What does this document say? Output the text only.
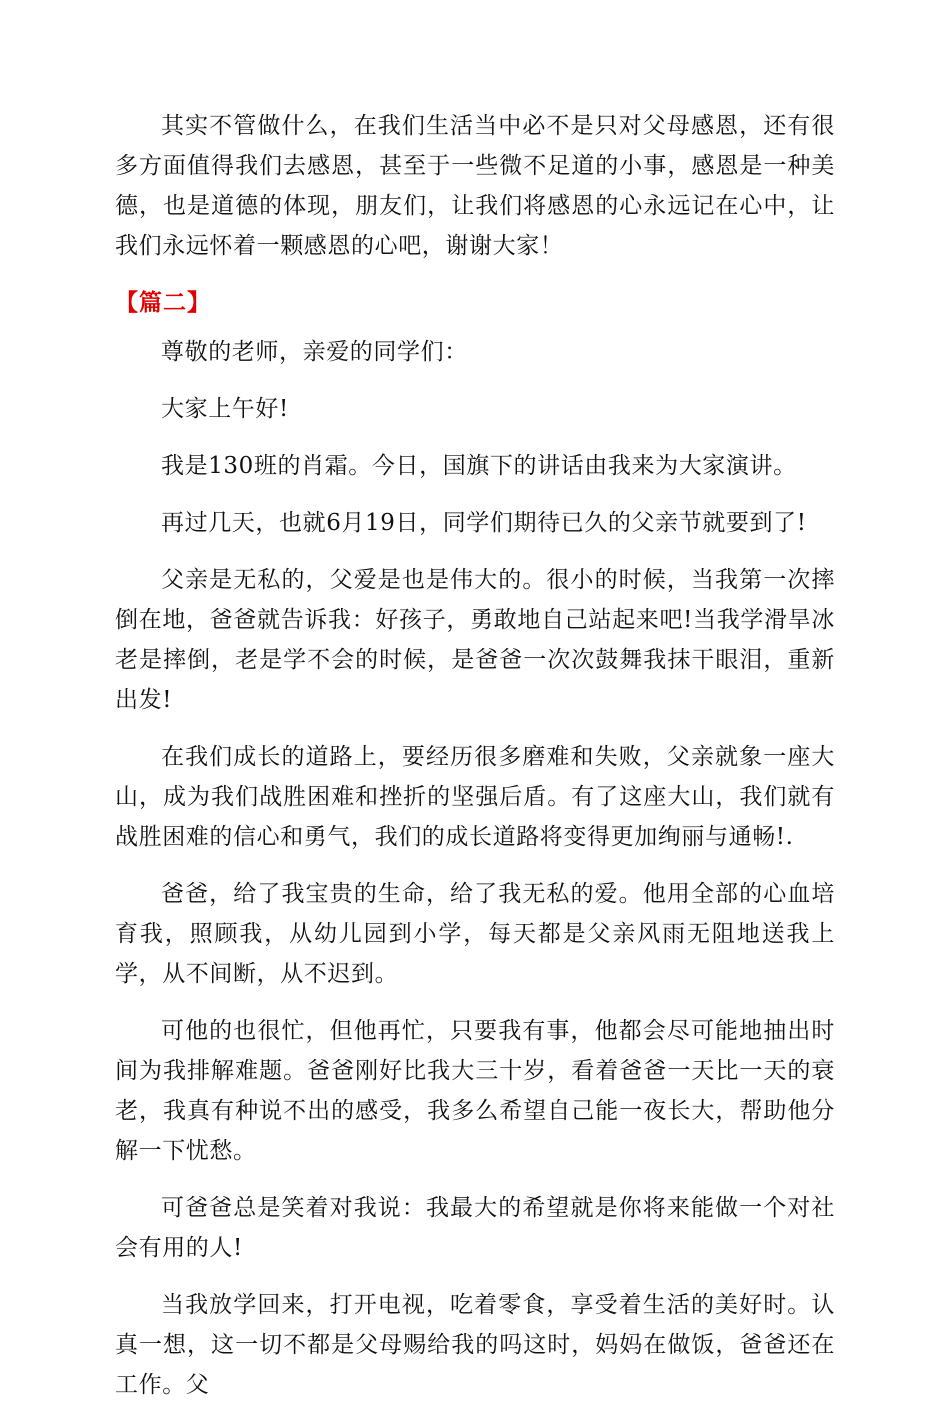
其实不管做什么，在我们生活当中必不是只对父母感恩，还有很多方面值得我们去感恩，甚至于一些微不足道的小事，感恩是一种美德，也是道德的体现，朋友们，让我们将感恩的心永远记在心中，让我们永远怀着一颗感恩的心吧，谢谢大家！

【篇二】

尊敬的老师，亲爱的同学们：

大家上午好!

我是130班的肖霜。今日，国旗下的讲话由我来为大家演讲。

再过几天，也就6月19日，同学们期待已久的父亲节就要到了!

父亲是无私的，父爱是也是伟大的。很小的时候，当我第一次摔倒在地，爸爸就告诉我：好孩子，勇敢地自己站起来吧!当我学滑旱冰老是摔倒，老是学不会的时候，是爸爸一次次鼓舞我抹干眼泪，重新出发!

在我们成长的道路上，要经历很多磨难和失败，父亲就象一座大山，成为我们战胜困难和挫折的坚强后盾。有了这座大山，我们就有战胜困难的信心和勇气，我们的成长道路将变得更加绚丽与通畅!.

爸爸，给了我宝贵的生命，给了我无私的爱。他用全部的心血培育我，照顾我，从幼儿园到小学，每天都是父亲风雨无阻地送我上学，从不间断，从不迟到。

可他的也很忙，但他再忙，只要我有事，他都会尽可能地抽出时间为我排解难题。爸爸刚好比我大三十岁，看着爸爸一天比一天的衰老，我真有种说不出的感受，我多么希望自己能一夜长大，帮助他分解一下忧愁。

可爸爸总是笑着对我说：我最大的希望就是你将来能做一个对社会有用的人!

当我放学回来，打开电视，吃着零食，享受着生活的美好时。认真一想，这一切不都是父母赐给我的吗这时，妈妈在做饭，爸爸还在工作。父
